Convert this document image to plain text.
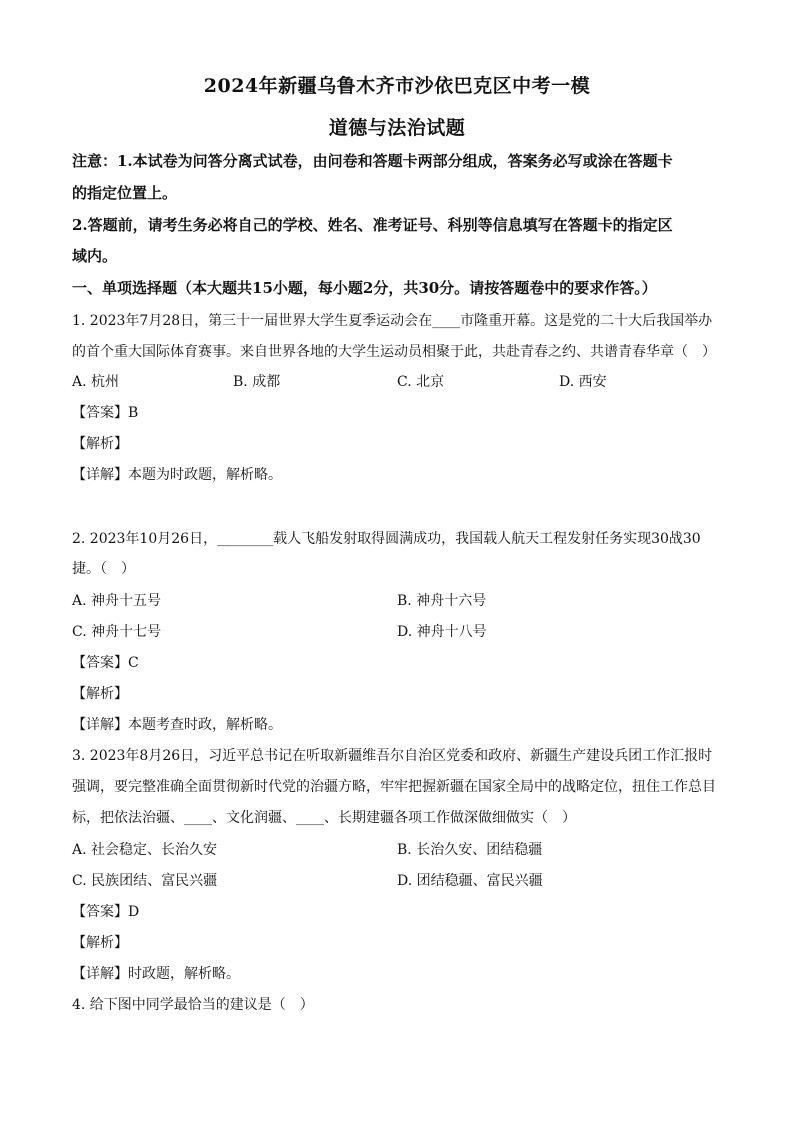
2024年新疆乌鲁木齐市沙依巴克区中考一模
道德与法治试题
注意：1.本试卷为问答分离式试卷，由问卷和答题卡两部分组成，答案务必写或涂在答题卡
的指定位置上。
2.答题前，请考生务必将自己的学校、姓名、准考证号、科别等信息填写在答题卡的指定区
域内。
一、单项选择题（本大题共15小题，每小题2分，共30分。请按答题卷中的要求作答。）
1. 2023年7月28日，第三十一届世界大学生夏季运动会在____市隆重开幕。这是党的二十大后我国举办
的首个重大国际体育赛事。来自世界各地的大学生运动员相聚于此，共赴青春之约、共谱青春华章（　）
A. 杭州	B. 成都	C. 北京	D. 西安
【答案】B
【解析】
【详解】本题为时政题，解析略。
2. 2023年10月26日，________载人飞船发射取得圆满成功，我国载人航天工程发射任务实现30战30
捷。（　）
A. 神舟十五号	B. 神舟十六号
C. 神舟十七号	D. 神舟十八号
【答案】C
【解析】
【详解】本题考查时政，解析略。
3. 2023年8月26日，习近平总书记在听取新疆维吾尔自治区党委和政府、新疆生产建设兵团工作汇报时
强调，要完整准确全面贯彻新时代党的治疆方略，牢牢把握新疆在国家全局中的战略定位，扭住工作总目
标，把依法治疆、____、文化润疆、____、长期建疆各项工作做深做细做实（　）
A. 社会稳定、长治久安	B. 长治久安、团结稳疆
C. 民族团结、富民兴疆	D. 团结稳疆、富民兴疆
【答案】D
【解析】
【详解】时政题，解析略。
4. 给下图中同学最恰当的建议是（　）
